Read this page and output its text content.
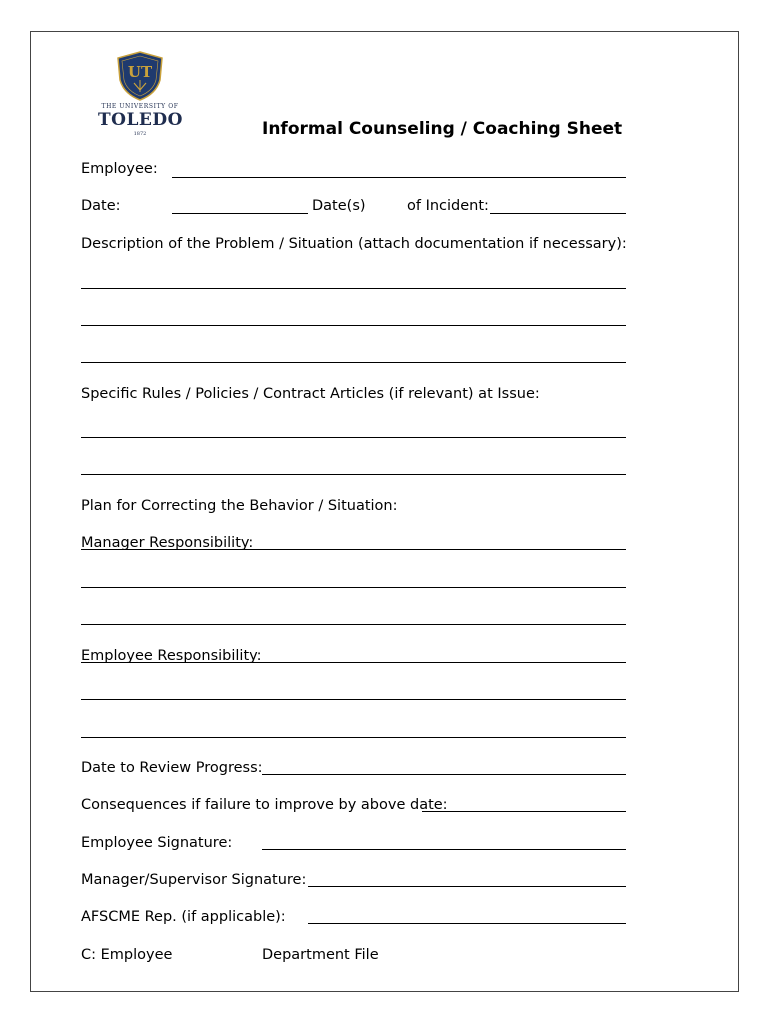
UT
THE UNIVERSITY OF
TOLEDO
1872	Informal Counseling / Coaching Sheet
Employee:
Date:	Date(s)	of Incident:
Description of the Problem / Situation (attach documentation if necessary):
Specific Rules / Policies / Contract Articles (if relevant) at Issue:
Plan for Correcting the Behavior / Situation:
Manager Responsibility:
Employee Responsibility:
Date to Review Progress:
Consequences if failure to improve by above date:
Employee Signature:
Manager/Supervisor Signature:
AFSCME Rep. (if applicable):
C: Employee	Department File
